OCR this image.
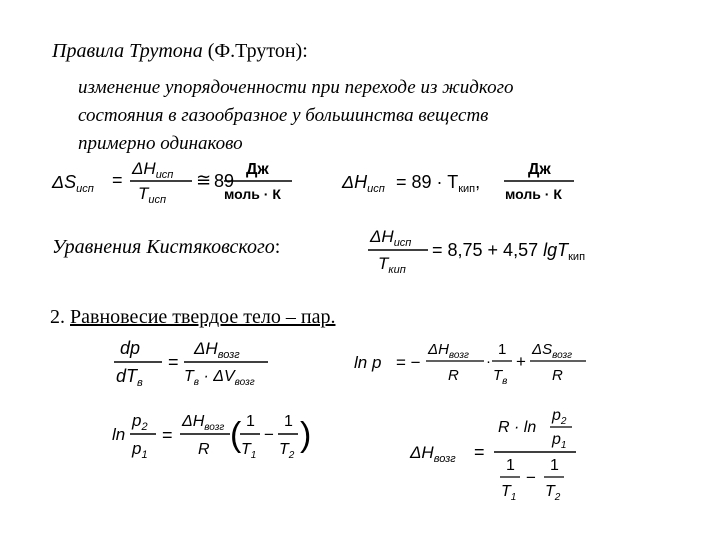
Правила Трутона (Ф.Трутон):
изменение упорядоченности при переходе из жидкого
состояния в газообразное у большинства веществ
примерно одинаково
$\Delta S_{исп}$ =
$\Delta H_{исп}$
$T_{исп}$
≅ 89
Дж
моль · К
$\Delta H_{исп} = 89 \cdot T_{кип}$,
Дж
моль · К
Уравнения Кистяковского:	$\Delta H_{исп}$
$T_{кип}$
= 8,75 + 4,57 lgT$_{кип}$
2. Равновесие твердое тело – пар.
dp
$dT_в$
=
$\Delta H_{возг}$
$T_в \cdot \Delta V_{возг}$
ln p = −
$\Delta H_{возг}$
R
·
1
$T_в$
+
$\Delta S_{возг}$
R
ln
$p_2$
$p_1$
=
$\Delta H_{возг}$
R ( 1
$T_1$
−
1
$T_2$
)	$\Delta H_{возг}$ =
R · ln
$p_2$
$p_1$
1
$T_1$
−
1
$T_2$
